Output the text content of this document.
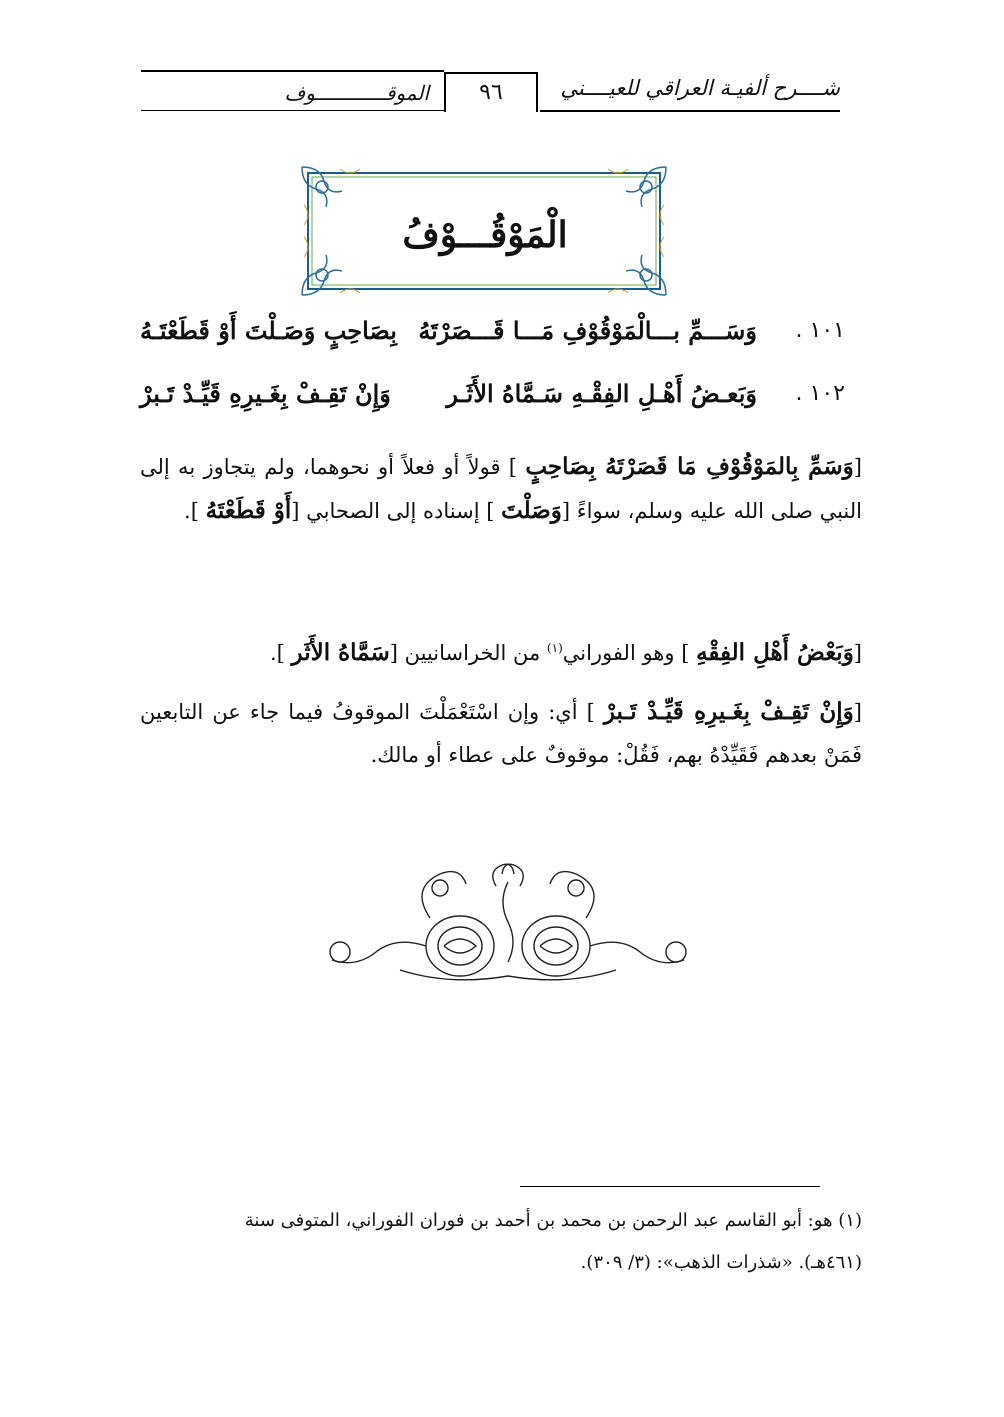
شــــرح ألفيـة العراقي للعيــــني
٩٦
الموقــــــــــــوف
الْمَوْقُـــوْفُ
١٠١ .
وَسَـــمِّ بـــالْمَوْقُوْفِ مَـــا قَـــصَرْتَهُ
بِصَاحِبٍ وَصَـلْتَ أَوْ قَطَعْتَـهُ
١٠٢ .
وَبَعـضُ أَهْـلِ الفِقْـهِ سَـمَّاهُ الأَثَـر
وَإِنْ تَقِـفْ بِغَـيرِهِ قَيِّـدْ تَـبرْ
[وَسَمِّ بِالمَوْقُوْفِ مَا قَصَرْتَهُ بِصَاحِبٍ ] قولاً أو فعلاً أو نحوهما، ولم يتجاوز به إلى النبي صلى الله عليه وسلم، سواءً [وَصَلْتَ ] إسناده إلى الصحابي [أَوْ قَطَعْتَهُ ].
[وَبَعْضُ أَهْلِ الفِقْهِ ] وهو الفوراني$^{(١)}$ من الخراسانيين [سَمَّاهُ الأَثَر ].
[وَإِنْ تَقِـفْ بِغَـيرِهِ قَيِّـدْ تَـبرْ ] أي: وإن اسْتَعْمَلْتَ الموقوفُ فيما جاء عن التابعين فَمَنْ بعدهم فَقَيِّدْهُ بهم، فَقُلْ: موقوفٌ على عطاء أو مالك.
(١) هو: أبو القاسم عبد الرحمن بن محمد بن أحمد بن فوران الفوراني، المتوفى سنة
(٤٦١هـ). «شذرات الذهب»: (٣/ ٣٠٩).
